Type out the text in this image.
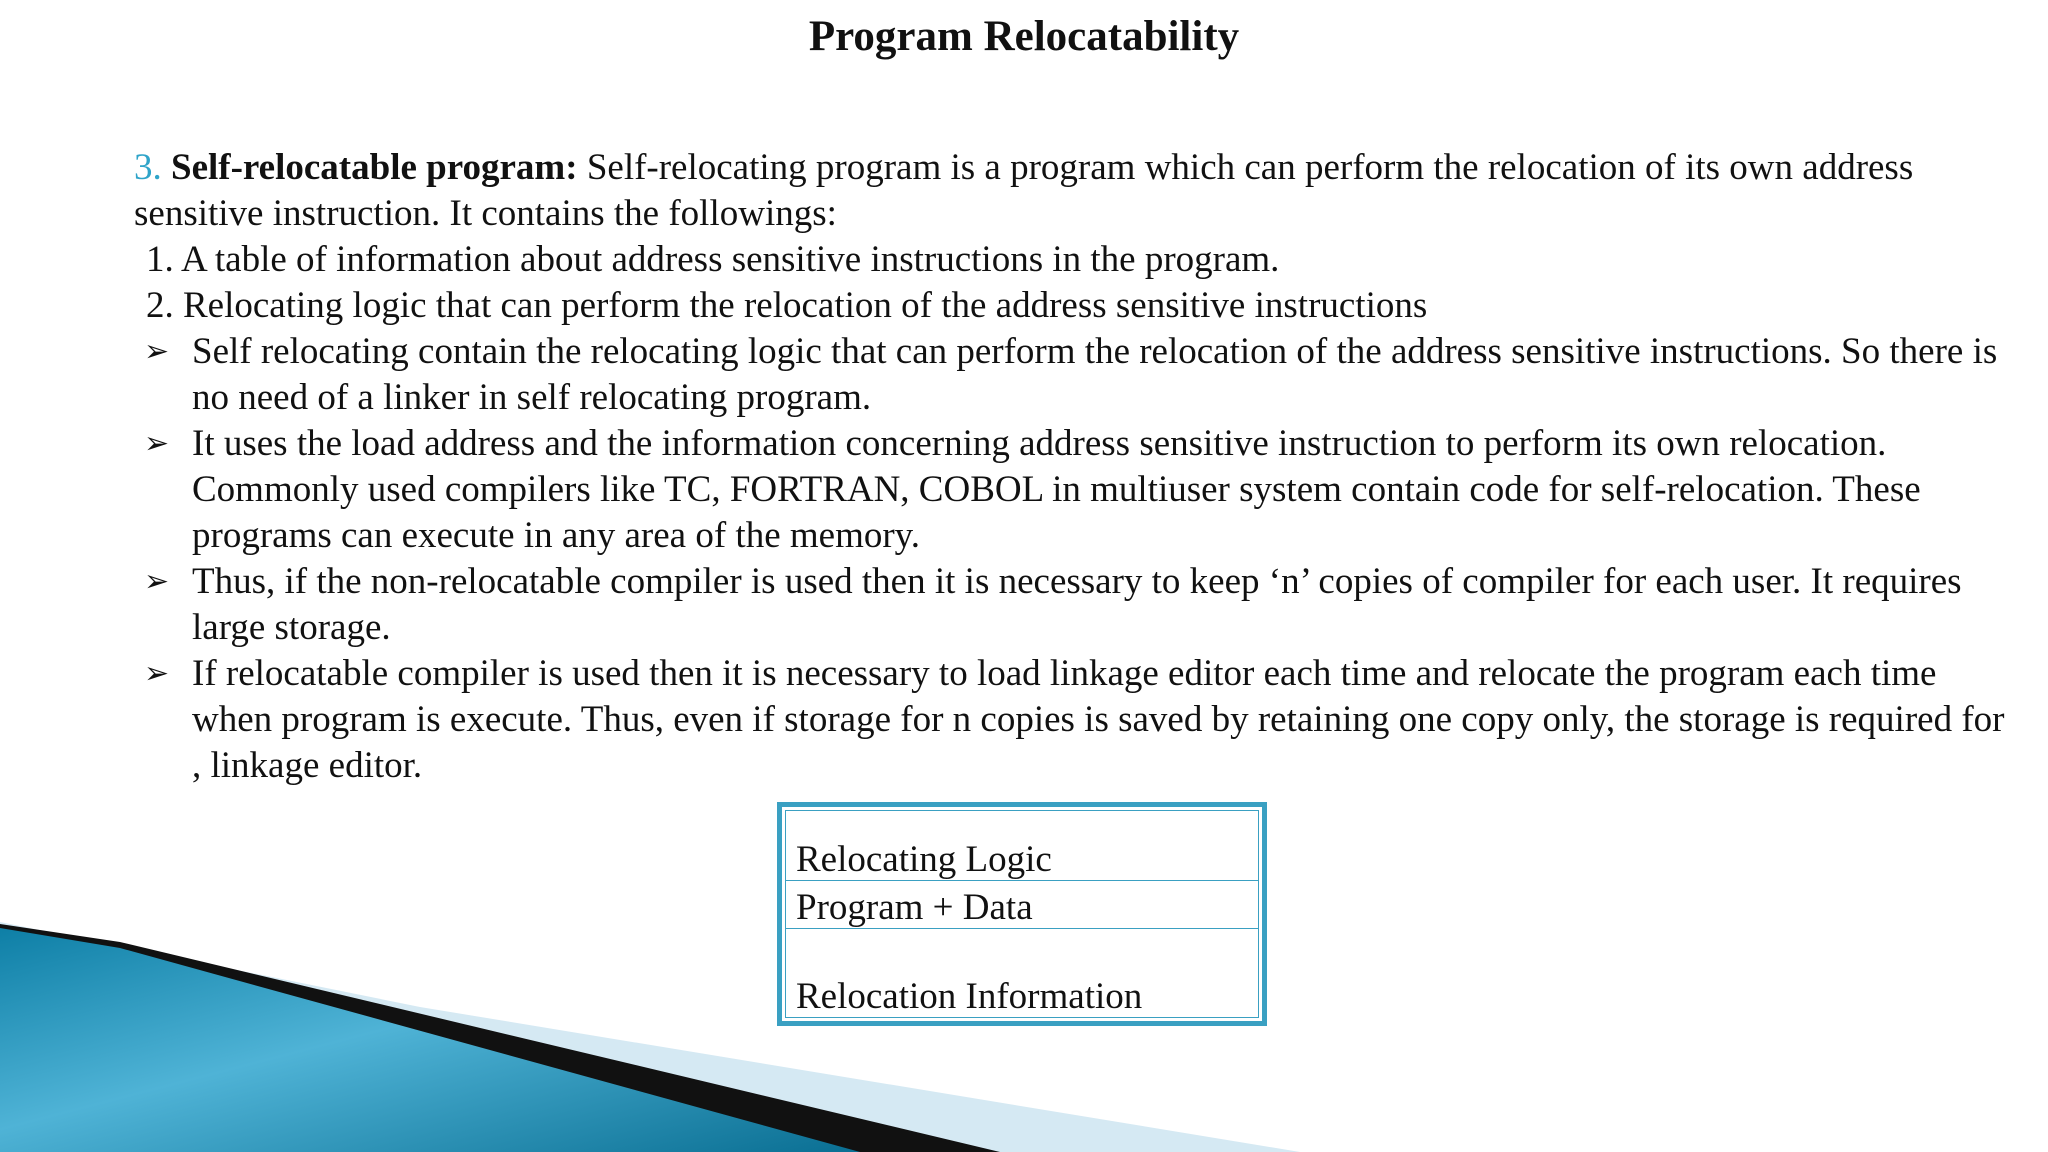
Program Relocatability

3. Self-relocatable program: Self-relocating program is a program which can perform the relocation of its own address sensitive instruction. It contains the followings:

1. A table of information about address sensitive instructions in the program.

2. Relocating logic that can perform the relocation of the address sensitive instructions

➢ Self relocating contain the relocating logic that can perform the relocation of the address sensitive instructions. So there is no need of a linker in self relocating program.

➢ It uses the load address and the information concerning address sensitive instruction to perform its own relocation. Commonly used compilers like TC, FORTRAN, COBOL in multiuser system contain code for self-relocation. These programs can execute in any area of the memory.

➢ Thus, if the non-relocatable compiler is used then it is necessary to keep ‘n’ copies of compiler for each user. It requires large storage.

➢ If relocatable compiler is used then it is necessary to load linkage editor each time and relocate the program each time when program is execute. Thus, even if storage for n copies is saved by retaining one copy only, the storage is required for , linkage editor.

Relocating Logic
Program + Data
Relocation Information
